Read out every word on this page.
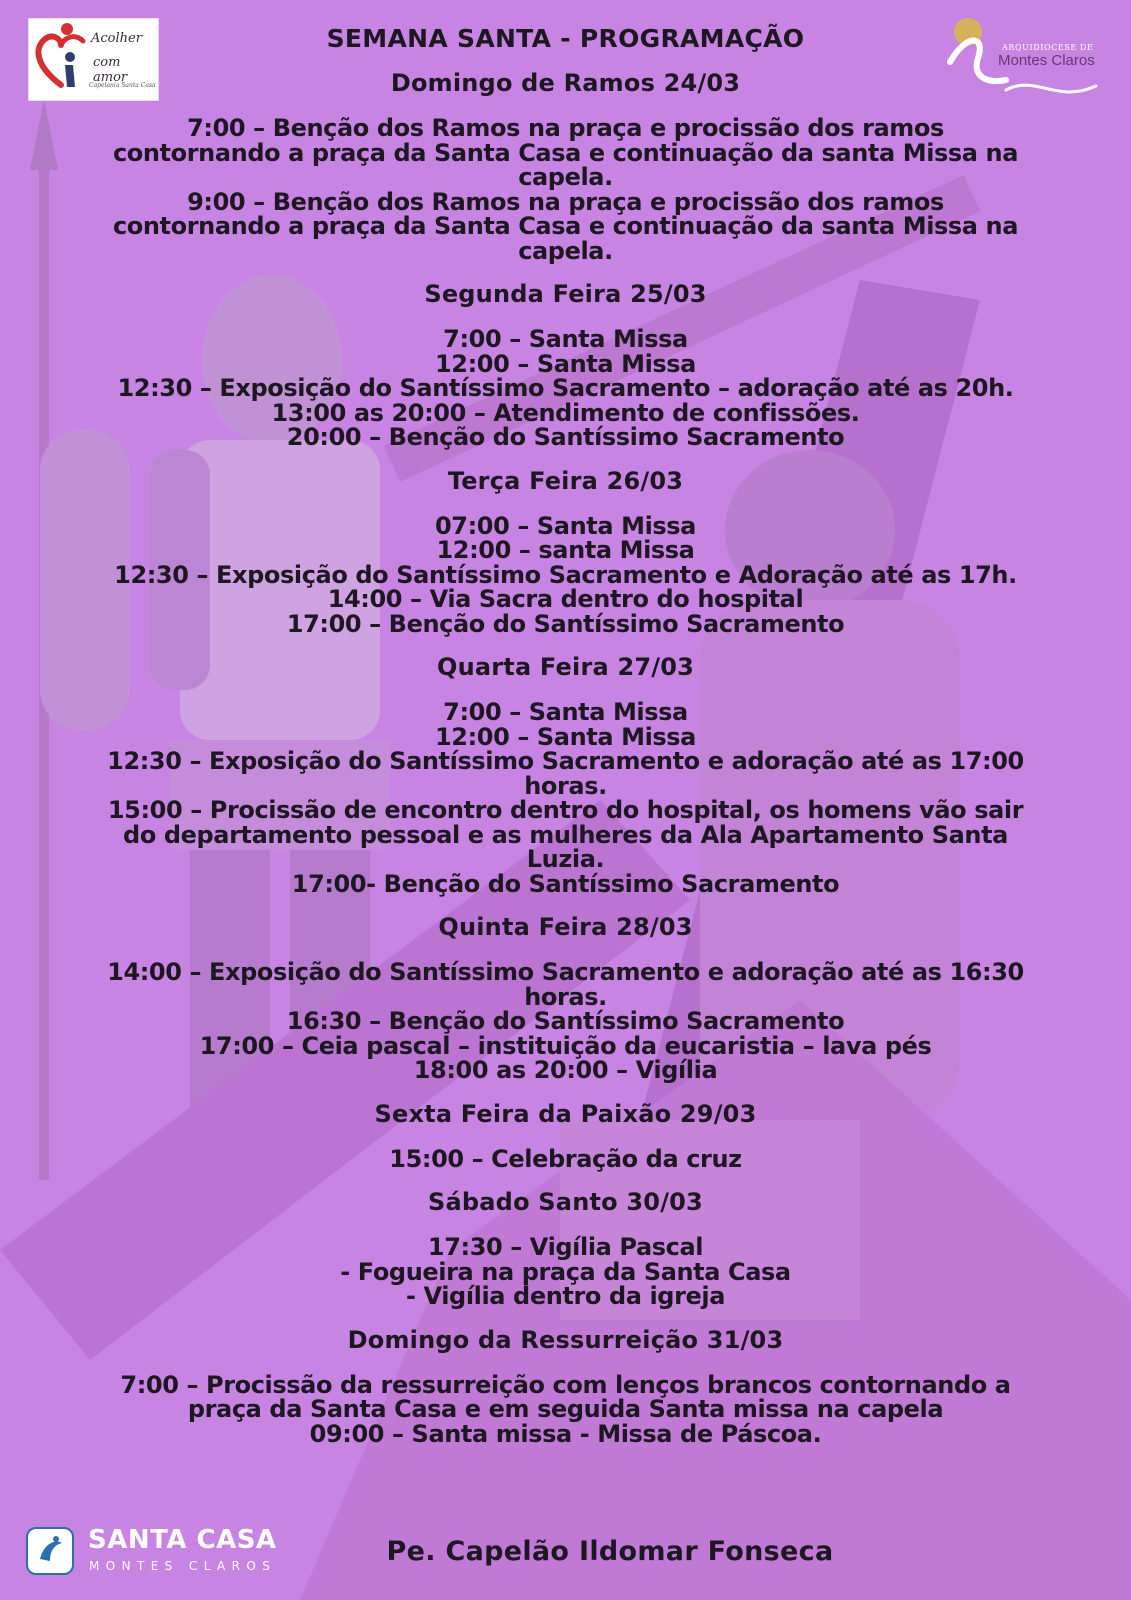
Acolher
com amor
Capelania Santa Casa
ARQUIDIOCESE DE
Montes Claros
SEMANA SANTA - PROGRAMAÇÃO
Domingo de Ramos 24/03
7:00 – Benção dos Ramos na praça e procissão dos ramos
contornando a praça da Santa Casa e continuação da santa Missa na
capela.
9:00 – Benção dos Ramos na praça e procissão dos ramos
contornando a praça da Santa Casa e continuação da santa Missa na
capela.
Segunda Feira 25/03
7:00 – Santa Missa
12:00 – Santa Missa
12:30 – Exposição do Santíssimo Sacramento – adoração até as 20h.
13:00 as 20:00 – Atendimento de confissões.
20:00 – Benção do Santíssimo Sacramento
Terça Feira 26/03
07:00 – Santa Missa
12:00 – santa Missa
12:30 – Exposição do Santíssimo Sacramento e Adoração até as 17h.
14:00 – Via Sacra dentro do hospital
17:00 – Benção do Santíssimo Sacramento
Quarta Feira 27/03
7:00 – Santa Missa
12:00 – Santa Missa
12:30 – Exposição do Santíssimo Sacramento e adoração até as 17:00
horas.
15:00 – Procissão de encontro dentro do hospital, os homens vão sair
do departamento pessoal e as mulheres da Ala Apartamento Santa
Luzia.
17:00- Benção do Santíssimo Sacramento
Quinta Feira 28/03
14:00 – Exposição do Santíssimo Sacramento e adoração até as 16:30
horas.
16:30 – Benção do Santíssimo Sacramento
17:00 – Ceia pascal – instituição da eucaristia – lava pés
18:00 as 20:00 – Vigília
Sexta Feira da Paixão 29/03
15:00 – Celebração da cruz
Sábado Santo 30/03
17:30 – Vigília Pascal
- Fogueira na praça da Santa Casa
- Vigília dentro da igreja
Domingo da Ressurreição 31/03
7:00 – Procissão da ressurreição com lenços brancos contornando a
praça da Santa Casa e em seguida Santa missa na capela
09:00 – Santa missa - Missa de Páscoa.
SANTA CASA
MONTES CLAROS	Pe. Capelão Ildomar Fonseca
